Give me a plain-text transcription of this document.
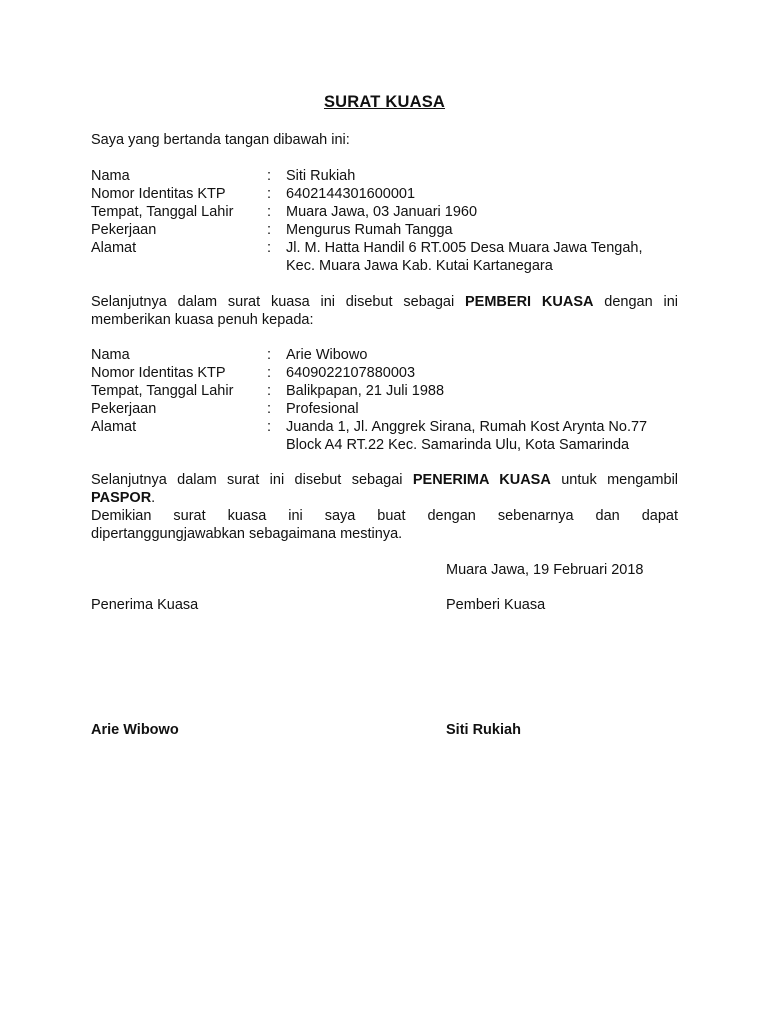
SURAT KUASA
Saya yang bertanda tangan dibawah ini:
Nama	: Siti Rukiah
Nomor Identitas KTP	: 6402144301600001
Tempat, Tanggal Lahir : Muara Jawa, 03 Januari 1960
Pekerjaan	: Mengurus Rumah Tangga
Alamat	: Jl. M. Hatta Handil 6 RT.005 Desa Muara Jawa Tengah,
Kec. Muara Jawa Kab. Kutai Kartanegara
Selanjutnya dalam surat kuasa ini disebut sebagai PEMBERI KUASA dengan ini
memberikan kuasa penuh kepada:
Nama	: Arie Wibowo
Nomor Identitas KTP	: 6409022107880003
Tempat, Tanggal Lahir : Balikpapan, 21 Juli 1988
Pekerjaan	: Profesional
Alamat	: Juanda 1, Jl. Anggrek Sirana, Rumah Kost Arynta No.77
Block A4 RT.22 Kec. Samarinda Ulu, Kota Samarinda
Selanjutnya dalam surat ini disebut sebagai PENERIMA KUASA untuk mengambil
PASPOR.
Demikian surat kuasa ini saya buat dengan sebenarnya dan dapat
dipertanggungjawabkan sebagaimana mestinya.
Muara Jawa, 19 Februari 2018
Penerima Kuasa	Pemberi Kuasa
Arie Wibowo	Siti Rukiah
